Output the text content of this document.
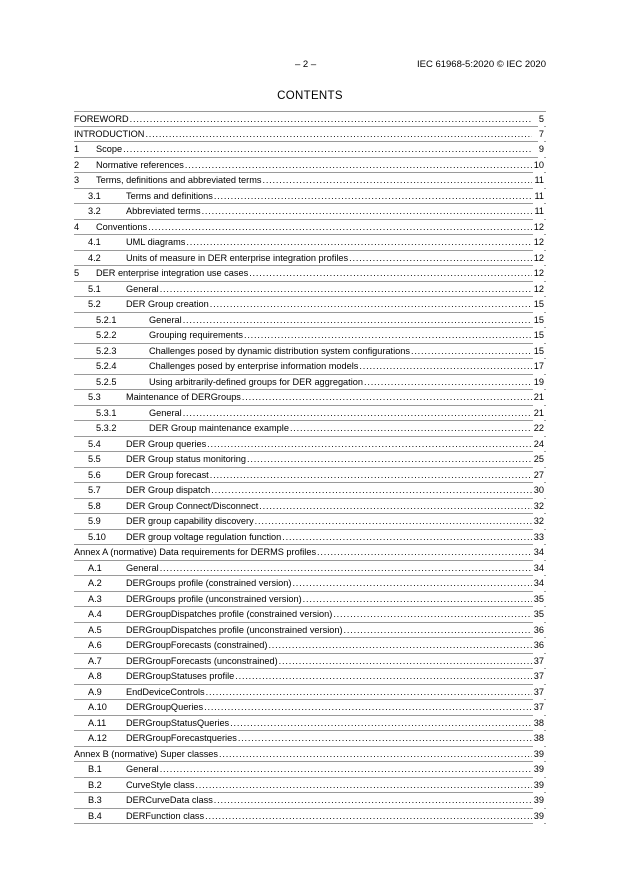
– 2 –	IEC 61968-5:2020 © IEC 2020
CONTENTS
FOREWORD .....	5
INTRODUCTION .....	7
1 Scope .....	9
2 Normative references .....	10
3 Terms, definitions and abbreviated terms .....	11
3.1	Terms and definitions .....	11
3.2	Abbreviated terms .....	11
4 Conventions .....	12
4.1	UML diagrams .....	12
4.2	Units of measure in DER enterprise integration profiles .....	12
5 DER enterprise integration use cases .....	12
5.1	General .....	12
5.2	DER Group creation .....	15
5.2.1	General .....	15
5.2.2	Grouping requirements .....	15
5.2.3	Challenges posed by dynamic distribution system configurations .....	15
5.2.4	Challenges posed by enterprise information models .....	17
5.2.5	Using arbitrarily-defined groups for DER aggregation .....	19
5.3	Maintenance of DERGroups .....	21
5.3.1	General .....	21
5.3.2	DER Group maintenance example .....	22
5.4	DER Group queries .....	24
5.5	DER Group status monitoring .....	25
5.6	DER Group forecast .....	27
5.7	DER Group dispatch .....	30
5.8	DER Group Connect/Disconnect .....	32
5.9	DER group capability discovery .....	32
5.10 DER group voltage regulation function .....	33
Annex A (normative) Data requirements for DERMS profiles .....	34
A.1	General .....	34
A.2	DERGroups profile (constrained version) .....	34
A.3	DERGroups profile (unconstrained version) .....	35
A.4	DERGroupDispatches profile (constrained version) .....	35
A.5	DERGroupDispatches profile (unconstrained version) .....	36
A.6	DERGroupForecasts (constrained) .....	36
A.7	DERGroupForecasts (unconstrained) .....	37
A.8	DERGroupStatuses profile .....	37
A.9	EndDeviceControls .....	37
A.10 DERGroupQueries .....	37
A.11 DERGroupStatusQueries .....	38
A.12 DERGroupForecastqueries .....	38
Annex B (normative) Super classes .....	39
B.1	General .....	39
B.2	CurveStyle class .....	39
B.3	DERCurveData class .....	39
B.4	DERFunction class .....	39
